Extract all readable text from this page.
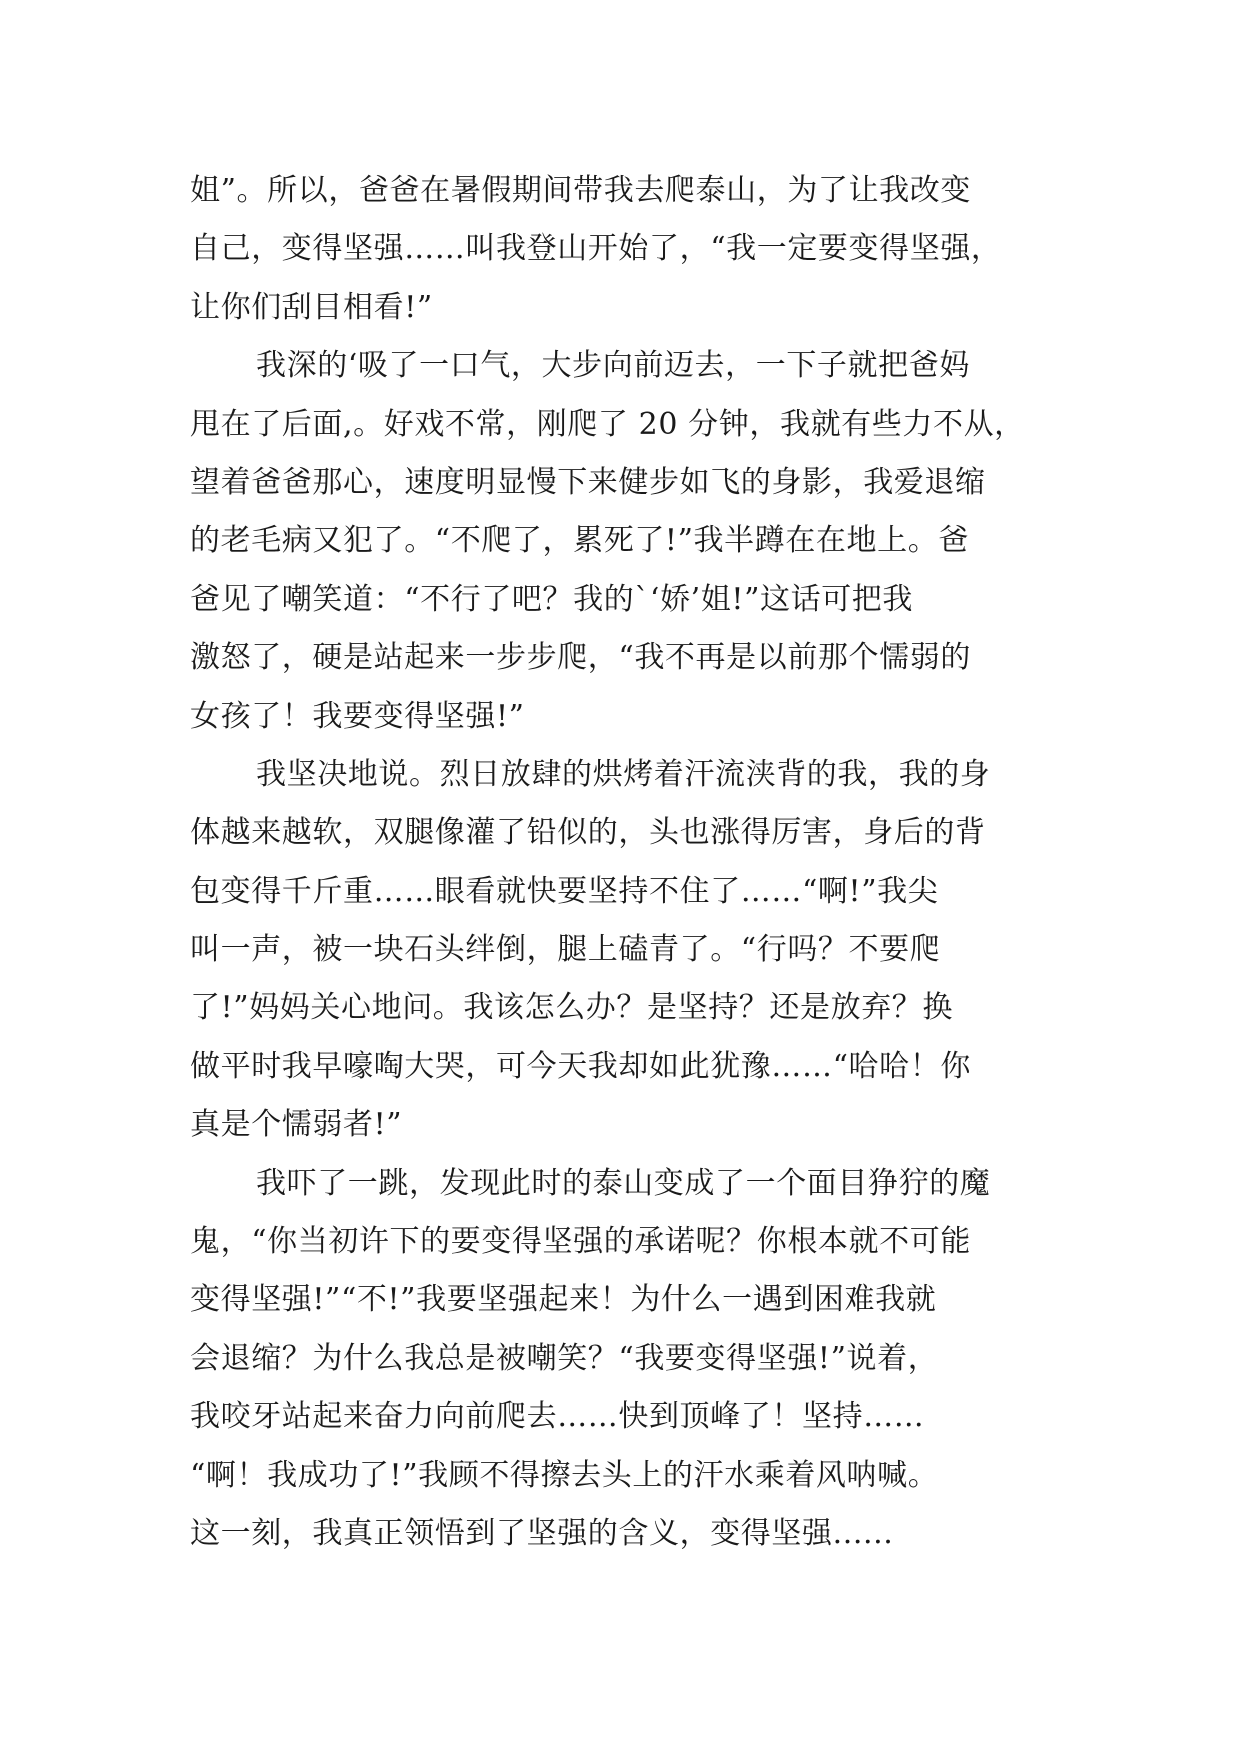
姐”。所以，爸爸在暑假期间带我去爬泰山，为了让我改变
自己，变得坚强……叫我登山开始了，“我一定要变得坚强，
让你们刮目相看!”
我深的‘吸了一口气，大步向前迈去，一下子就把爸妈
甩在了后面,。好戏不常，刚爬了 20 分钟，我就有些力不从，
望着爸爸那心，速度明显慢下来健步如飞的身影，我爱退缩
的老毛病又犯了。“不爬了，累死了!”我半蹲在在地上。爸
爸见了嘲笑道：“不行了吧？我的`‘娇’姐!”这话可把我
激怒了，硬是站起来一步步爬，“我不再是以前那个懦弱的
女孩了！我要变得坚强!”
我坚决地说。烈日放肆的烘烤着汗流浃背的我，我的身
体越来越软，双腿像灌了铅似的，头也涨得厉害，身后的背
包变得千斤重……眼看就快要坚持不住了……“啊!”我尖
叫一声，被一块石头绊倒，腿上磕青了。“行吗？不要爬
了!”妈妈关心地问。我该怎么办？是坚持？还是放弃？换
做平时我早嚎啕大哭，可今天我却如此犹豫……“哈哈！你
真是个懦弱者!”
我吓了一跳，发现此时的泰山变成了一个面目狰狞的魔
鬼，“你当初许下的要变得坚强的承诺呢？你根本就不可能
变得坚强!”“不!”我要坚强起来！为什么一遇到困难我就
会退缩？为什么我总是被嘲笑？“我要变得坚强!”说着，
我咬牙站起来奋力向前爬去……快到顶峰了！坚持……
“啊！我成功了!”我顾不得擦去头上的汗水乘着风呐喊。
这一刻，我真正领悟到了坚强的含义，变得坚强......
